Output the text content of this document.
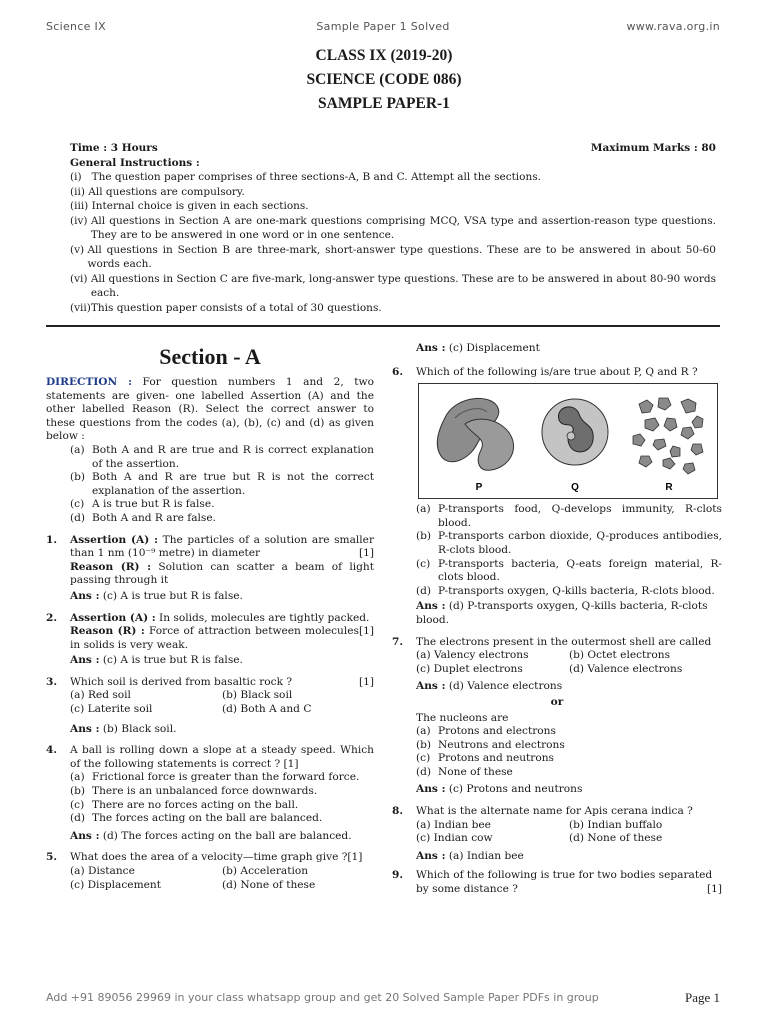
Science IX	Sample Paper 1 Solved	www.rava.org.in
CLASS IX (2019-20)
SCIENCE (CODE 086)
SAMPLE PAPER-1
Time : 3 Hours	Maximum Marks : 80
General Instructions :
(i) The question paper comprises of three sections-A, B and C. Attempt all the sections.
(ii) All questions are compulsory.
(iii) Internal choice is given in each sections.
(iv) All questions in Section A are one-mark questions comprising MCQ, VSA type and assertion-reason type questions. They are to be answered in one word or in one sentence.
(v) All questions in Section B are three-mark, short-answer type questions. These are to be answered in about 50-60 words each.
(vi) All questions in Section C are five-mark, long-answer type questions. These are to be answered in about 80-90 words each.
(vii) This question paper consists of a total of 30 questions.
Section - A
DIRECTION : For question numbers 1 and 2, two statements are given- one labelled Assertion (A) and the other labelled Reason (R). Select the correct answer to these questions from the codes (a), (b), (c) and (d) as given below :
(a) Both A and R are true and R is correct explanation of the assertion.
(b) Both A and R are true but R is not the correct explanation of the assertion.
(c) A is true but R is false.
(d) Both A and R are false.
1.	Assertion (A) : The particles of a solution are smaller than 1 nm (10⁻⁹ metre) in diameter	[1]
Reason (R) : Solution can scatter a beam of light passing through it
Ans : (c) A is true but R is false.
2.	Assertion (A) : In solids, molecules are tightly packed.
[1]
Reason (R) : Force of attraction between molecules in solids is very weak.
Ans : (c) A is true but R is false.
3.	Which soil is derived from basaltic rock ?	[1]
(a) Red soil	(b) Black soil
(c) Laterite soil	(d) Both A and C
Ans : (b) Black soil.
4.	A ball is rolling down a slope at a steady speed. Which of the following statements is correct ? [1]
(a) Frictional force is greater than the forward force.
(b) There is an unbalanced force downwards.
(c) There are no forces acting on the ball.
(d) The forces acting on the ball are balanced.
Ans : (d) The forces acting on the ball are balanced.
5.	What does the area of a velocity—time graph give ?[1]
(a) Distance	(b) Acceleration
(c) Displacement	(d) None of these
Ans : (c) Displacement
6.	Which of the following is/are true about P, Q and R ?
P	Q	R
(a) P-transports food, Q-develops immunity, R-clots blood.
(b) P-transports carbon dioxide, Q-produces antibodies, R-clots blood.
(c) P-transports bacteria, Q-eats foreign material, R-clots blood.
(d) P-transports oxygen, Q-kills bacteria, R-clots blood.
Ans : (d) P-transports oxygen, Q-kills bacteria, R-clots blood.
7.	The electrons present in the outermost shell are called
(a) Valency electrons	(b) Octet electrons
(c) Duplet electrons	(d) Valence electrons
Ans : (d) Valence electrons
or
The nucleons are
(a) Protons and electrons
(b) Neutrons and electrons
(c) Protons and neutrons
(d) None of these
Ans : (c) Protons and neutrons
8.	What is the alternate name for Apis cerana indica ?
(a) Indian bee	(b) Indian buffalo
(c) Indian cow	(d) None of these
Ans : (a) Indian bee
9.	Which of the following is true for two bodies separated by some distance ?	[1]
Add +91 89056 29969 in your class whatsapp group and get 20 Solved Sample Paper PDFs in group	Page 1
